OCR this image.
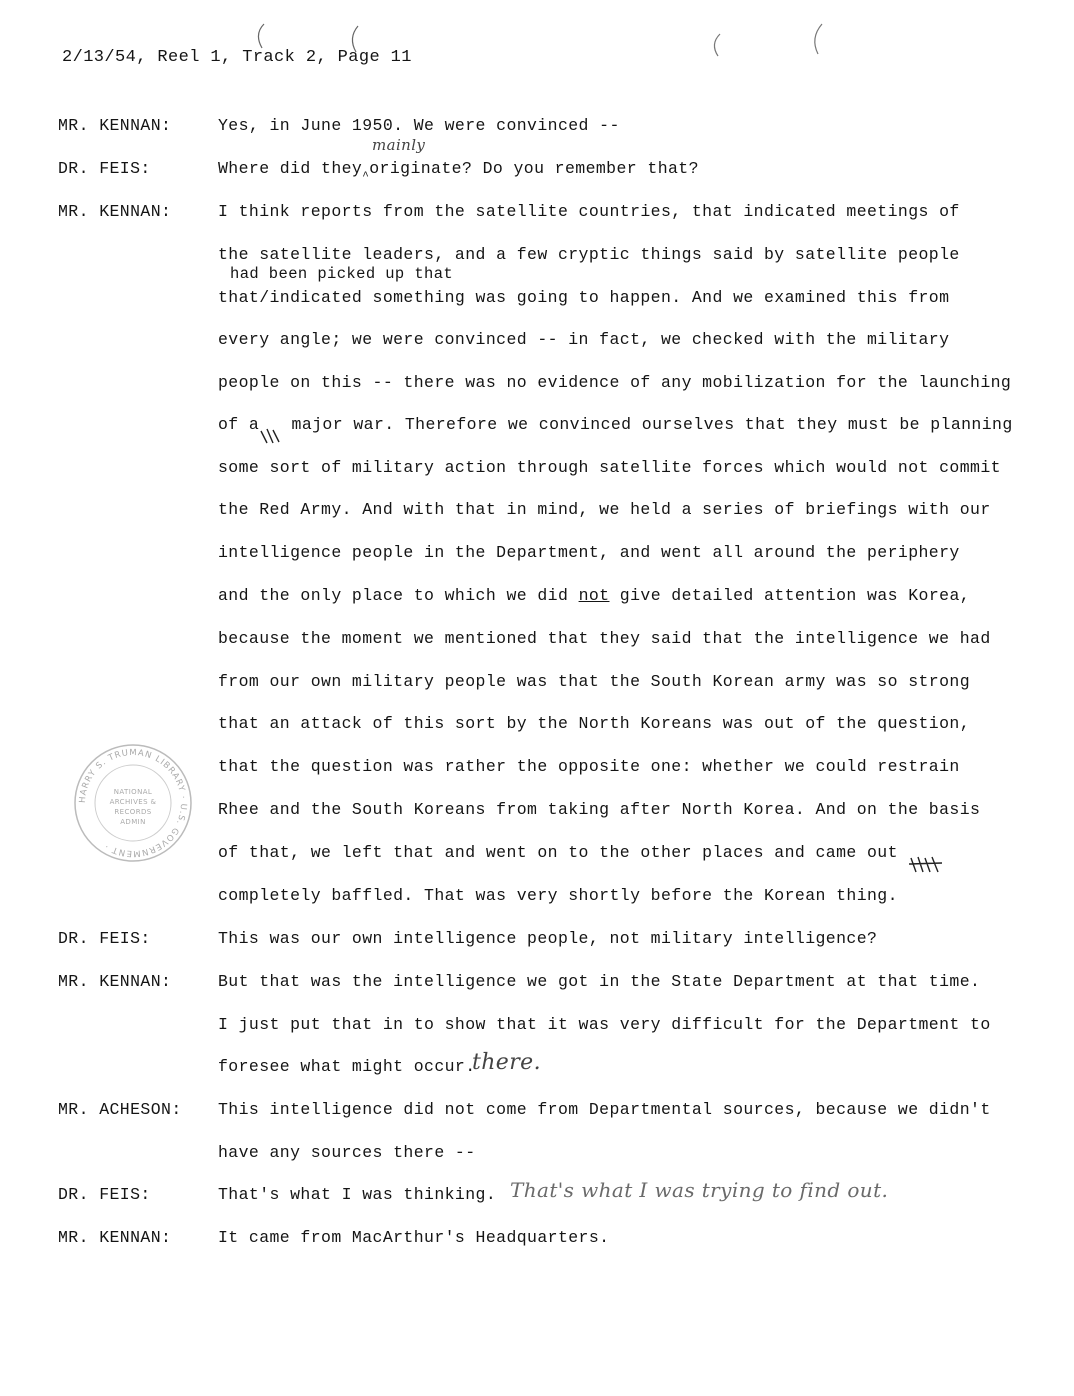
2/13/54, Reel 1, Track 2, Page 11
MR. KENNAN:	Yes, in June 1950. We were convinced --
DR. FEIS:	Where did they$_{\^{}}$originate? Do you remember that?
mainly
MR. KENNAN:	I think reports from the satellite countries, that indicated meetings of
the satellite leaders, and a few cryptic things said by satellite people
had been picked up that
that/indicated something was going to happen. And we examined this from
every angle; we were convinced -- in fact, we checked with the military
people on this -- there was no evidence of any mobilization for the launching
of a major war. Therefore we convinced ourselves that they must be planning
some sort of military action through satellite forces which would not commit
the Red Army. And with that in mind, we held a series of briefings with our
intelligence people in the Department, and went all around the periphery
and the only place to which we did not give detailed attention was Korea,
because the moment we mentioned that they said that the intelligence we had
from our own military people was that the South Korean army was so strong
that an attack of this sort by the North Koreans was out of the question,
that the question was rather the opposite one: whether we could restrain
Rhee and the South Koreans from taking after North Korea. And on the basis
of that, we left that and went on to the other places and came out
completely baffled. That was very shortly before the Korean thing.
HARRY S. TRUMAN LIBRARY · U.S. GOVERNMENT ·
NATIONAL
ARCHIVES &
RECORDS
ADMIN
DR. FEIS:	This was our own intelligence people, not military intelligence?
MR. KENNAN:	But that was the intelligence we got in the State Department at that time.
I just put that in to show that it was very difficult for the Department to
foresee what might occur.
there.
MR. ACHESON: This intelligence did not come from Departmental sources, because we didn't
have any sources there --
DR. FEIS:	That's what I was thinking. That's what I was trying to find out.
MR. KENNAN:	It came from MacArthur's Headquarters.
